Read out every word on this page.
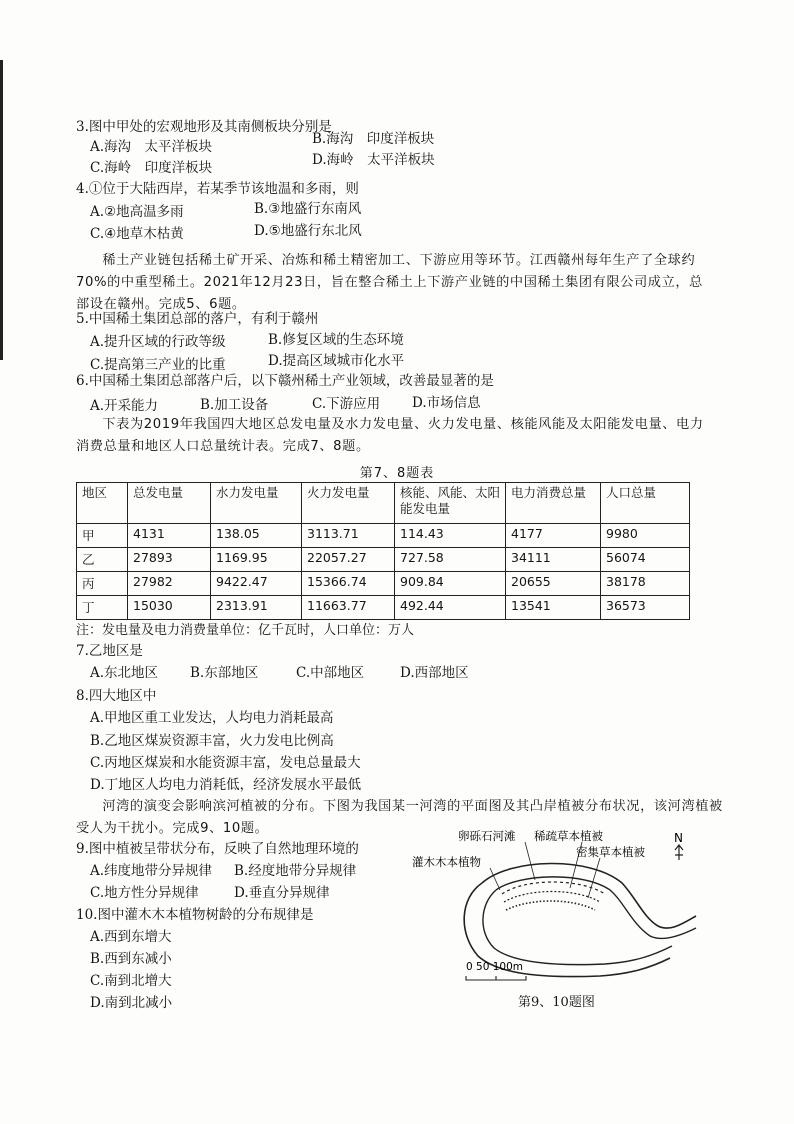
3.图中甲处的宏观地形及其南侧板块分别是
A.海沟　太平洋板块	B.海沟　印度洋板块
C.海岭　印度洋板块	D.海岭　太平洋板块
4.①位于大陆西岸，若某季节该地温和多雨，则
A.②地高温多雨	B.③地盛行东南风
C.④地草木枯黄	D.⑤地盛行东北风

稀土产业链包括稀土矿开采、冶炼和稀土精密加工、下游应用等环节。江西赣州每年生产了全球约70%的中重型稀土。2021年12月23日，旨在整合稀土上下游产业链的中国稀土集团有限公司成立，总部设在赣州。完成5、6题。

5.中国稀土集团总部的落户，有利于赣州
A.提升区域的行政等级	B.修复区域的生态环境
C.提高第三产业的比重	D.提高区域城市化水平
6.中国稀土集团总部落户后，以下赣州稀土产业领域，改善最显著的是
A.开采能力	B.加工设备	C.下游应用 D.市场信息

下表为2019年我国四大地区总发电量及水力发电量、火力发电量、核能风能及太阳能发电量、电力消费总量和地区人口总量统计表。完成7、8题。

第7、8题表
地区	总发电量	水力发电量	火力发电量	核能、风能、太阳能发电量	电力消费总量	人口总量
甲	4131	138.05	3113.71	114.43	4177	9980
乙	27893	1169.95	22057.27	727.58	34111	56074
丙	27982	9422.47	15366.74	909.84	20655	38178
丁	15030	2313.91	11663.77	492.44	13541	36573
注：发电量及电力消费量单位：亿千瓦时，人口单位：万人
7.乙地区是
A.东北地区 B.东部地区	C.中部地区	D.西部地区
8.四大地区中
A.甲地区重工业发达，人均电力消耗最高
B.乙地区煤炭资源丰富，火力发电比例高
C.丙地区煤炭和水能资源丰富，发电总量最大
D.丁地区人均电力消耗低，经济发展水平最低

河湾的演变会影响滨河植被的分布。下图为我国某一河湾的平面图及其凸岸植被分布状况，该河湾植被受人为干扰小。完成9、10题。

9.图中植被呈带状分布，反映了自然地理环境的
A.纬度地带分异规律 B.经度地带分异规律
C.地方性分异规律	D.垂直分异规律
10.图中灌木木本植物树龄的分布规律是
A.西到东增大
B.西到东减小
C.南到北增大
D.南到北减小
卵砾石河滩 稀疏草本植被
密集草本植被
灌木木本植物
N
0 50 100m
第9、10题图
